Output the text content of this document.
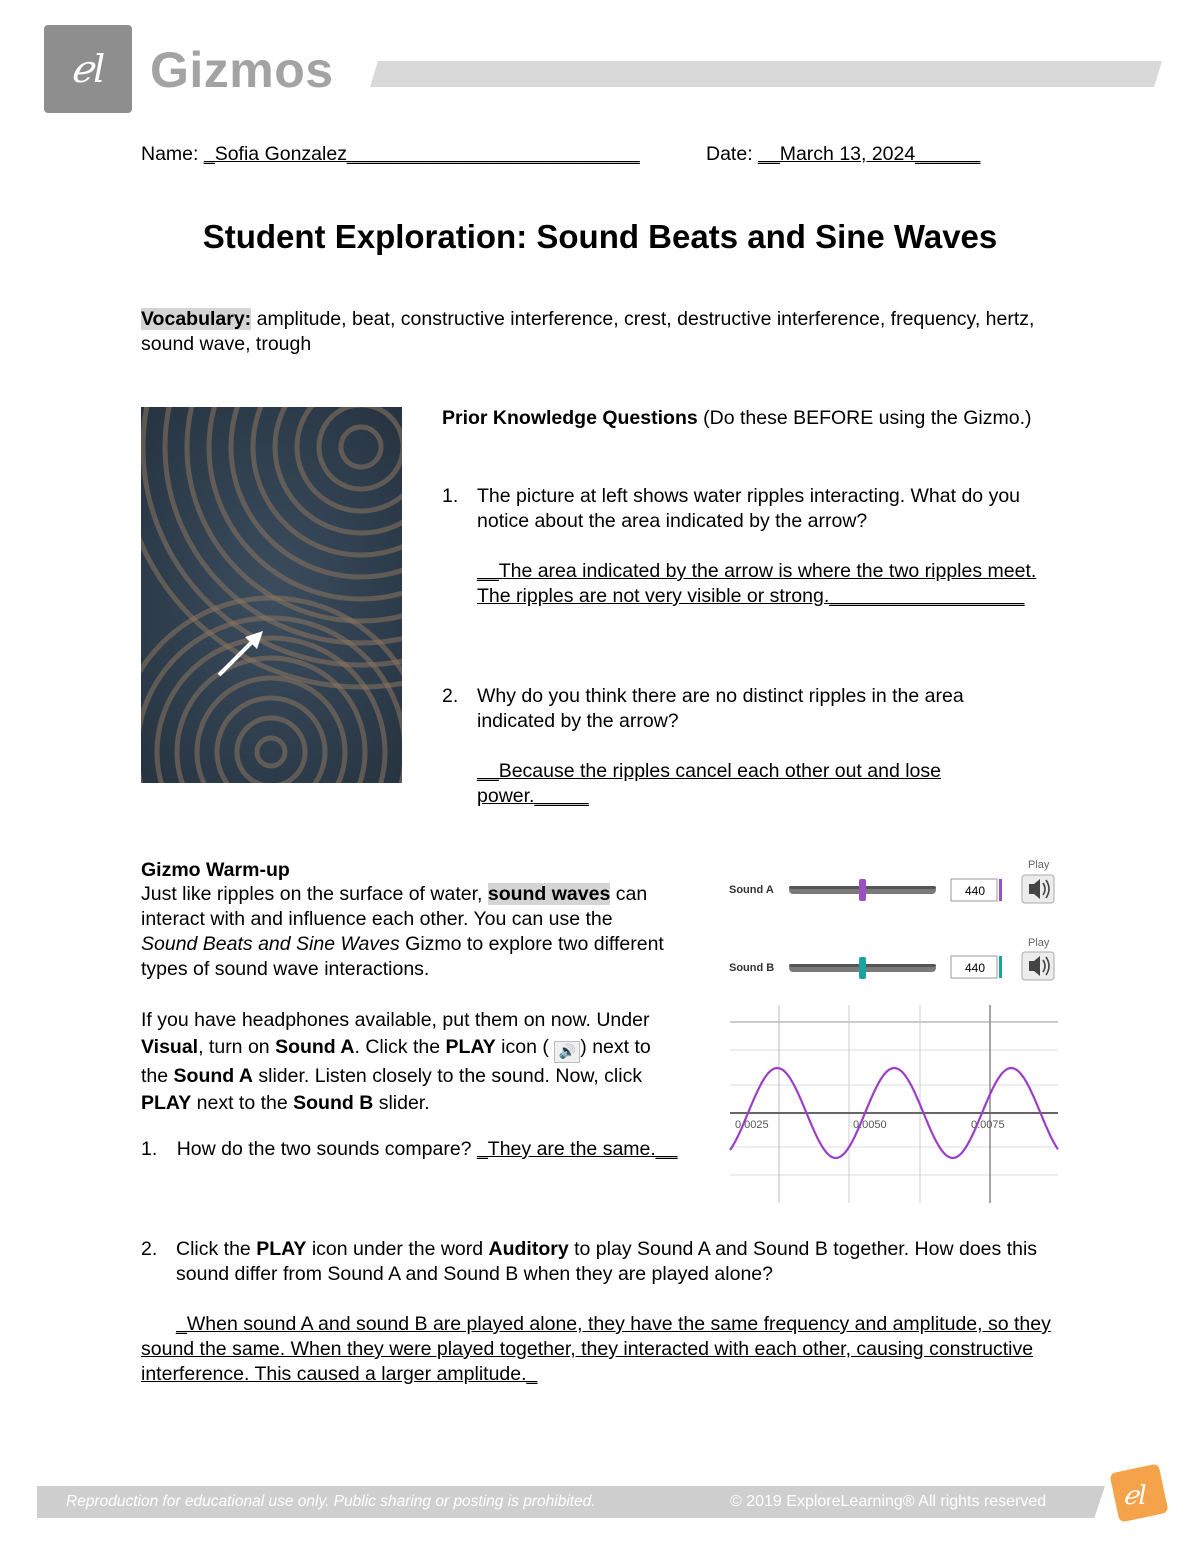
ℯl Gizmos
Name: _Sofia Gonzalez___________________________	Date: __March 13, 2024______
Student Exploration: Sound Beats and Sine Waves
Vocabulary: amplitude, beat, constructive interference, crest, destructive interference, frequency, hertz, sound wave, trough
Prior Knowledge Questions (Do these BEFORE using the Gizmo.)
1. The picture at left shows water ripples interacting. What do you notice about the area indicated by the arrow?
__The area indicated by the arrow is where the two ripples meet. The ripples are not very visible or strong.__________________
2. Why do you think there are no distinct ripples in the area indicated by the arrow?
__Because the ripples cancel each other out and lose power._____
Gizmo Warm-up
Just like ripples on the surface of water, sound waves can interact with and influence each other. You can use the Sound Beats and Sine Waves Gizmo to explore two different types of sound wave interactions.
If you have headphones available, put them on now. Under Visual, turn on Sound A. Click the PLAY icon ( 🔊 ) next to the Sound A slider. Listen closely to the sound. Now, click PLAY next to the Sound B slider.
1. How do the two sounds compare? _They are the same.__
2. Click the PLAY icon under the word Auditory to play Sound A and Sound B together. How does this sound differ from Sound A and Sound B when they are played alone?
_When sound A and sound B are played alone, they have the same frequency and amplitude, so they sound the same. When they were played together, they interacted with each other, causing constructive interference. This caused a larger amplitude._
Play
Sound A	440
Play
Sound B	440
0.0025	0.0050	0.0075
Reproduction for educational use only. Public sharing or posting is prohibited.	© 2019 ExploreLearning® All rights reserved	ℯl
